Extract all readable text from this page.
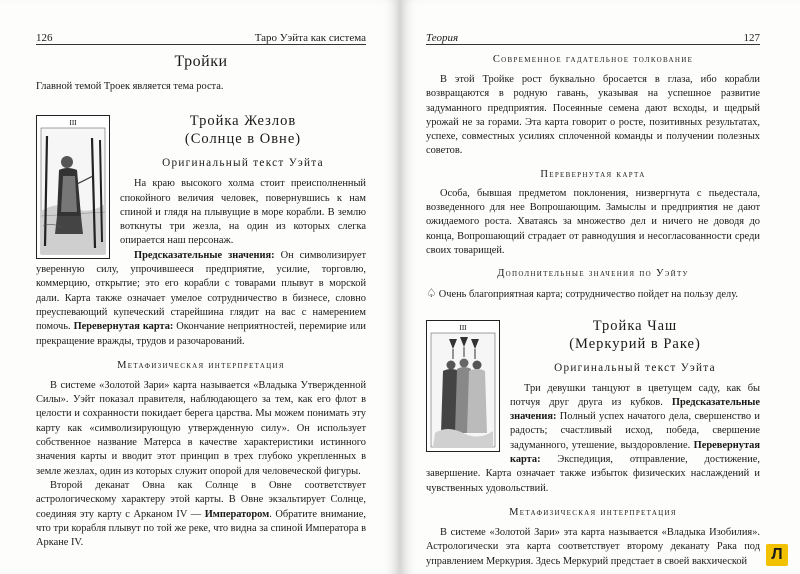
126	Таро Уэйта как система
Тройки

Главной темой Троек является тема роста.

III	Тройка Жезлов
(Солнце в Овне)
Оригинальный текст Уэйта

На краю высокого холма стоит преисполненный спокойного величия человек, повернувшись к нам спиной и глядя на плывущие в море корабли. В землю воткнуты три жезла, на один из которых слегка опирается наш персонаж.

Предсказательные значения: Он символизирует уверенную силу, упрочившееся предприятие, усилие, торговлю, коммерцию, открытие; это его корабли с товарами плывут в морской дали. Карта также означает умелое сотрудничество в бизнесе, словно преуспевающий купеческий старейшина глядит на вас с намерением помочь. Перевернутая карта: Окончание неприятностей, перемирие или прекращение вражды, трудов и разочарований.

Метафизическая интерпретация

В системе «Золотой Зари» карта называется «Владыка Утвержденной Силы». Уэйт показал правителя, наблюдающего за тем, как его флот в целости и сохранности покидает берега царства. Мы можем понимать эту карту как «символизирующую утвержденную силу». Он использует собственное название Матерса в качестве характеристики истинного значения карты и вводит этот принцип в трех глубоко укрепленных в земле жезлах, один из которых служит опорой для человеческой фигуры.

Второй деканат Овна как Солнце в Овне соответствует астрологическому характеру этой карты. В Овне экзальтирует Солнце, соединяя эту карту с Арканом IV — Императором. Обратите внимание, что три корабля плывут по той же реке, что видна за спиной Императора в Аркане IV.

Теория	127
Современное гадательное толкование

В этой Тройке рост буквально бросается в глаза, ибо корабли возвращаются в родную гавань, указывая на успешное развитие задуманного предприятия. Посеянные семена дают всходы, и щедрый урожай не за горами. Эта карта говорит о росте, позитивных результатах, успехе, совместных усилиях сплоченной команды и получении полезных советов.

Перевернутая карта

Особа, бывшая предметом поклонения, низвергнута с пьедестала, возведенного для нее Вопрошающим. Замыслы и предприятия не дают ожидаемого роста. Хватаясь за множество дел и ничего не доводя до конца, Вопрошающий страдает от равнодушия и несогласованности среди своих товарищей.

Дополнительные значения по Уэйту

♤ Очень благоприятная карта; сотрудничество пойдет на пользу делу.

III	Тройка Чаш
(Меркурий в Раке)
Оригинальный текст Уэйта

Три девушки танцуют в цветущем саду, как бы потчуя друг друга из кубков. Предсказательные значения: Полный успех начатого дела, свершенство и радость; счастливый исход, победа, свершение задуманного, утешение, выздоровление. Перевернутая карта: Экспедиция, отправление, достижение, завершение. Карта означает также избыток физических наслаждений и чувственных удовольствий.

Метафизическая интерпретация

В системе «Золотой Зари» эта карта называется «Владыка Изобилия». Астрологически эта карта соответствует второму деканату Рака под управлением Меркурия. Здесь Меркурий предстает в своей вакхической	Л
